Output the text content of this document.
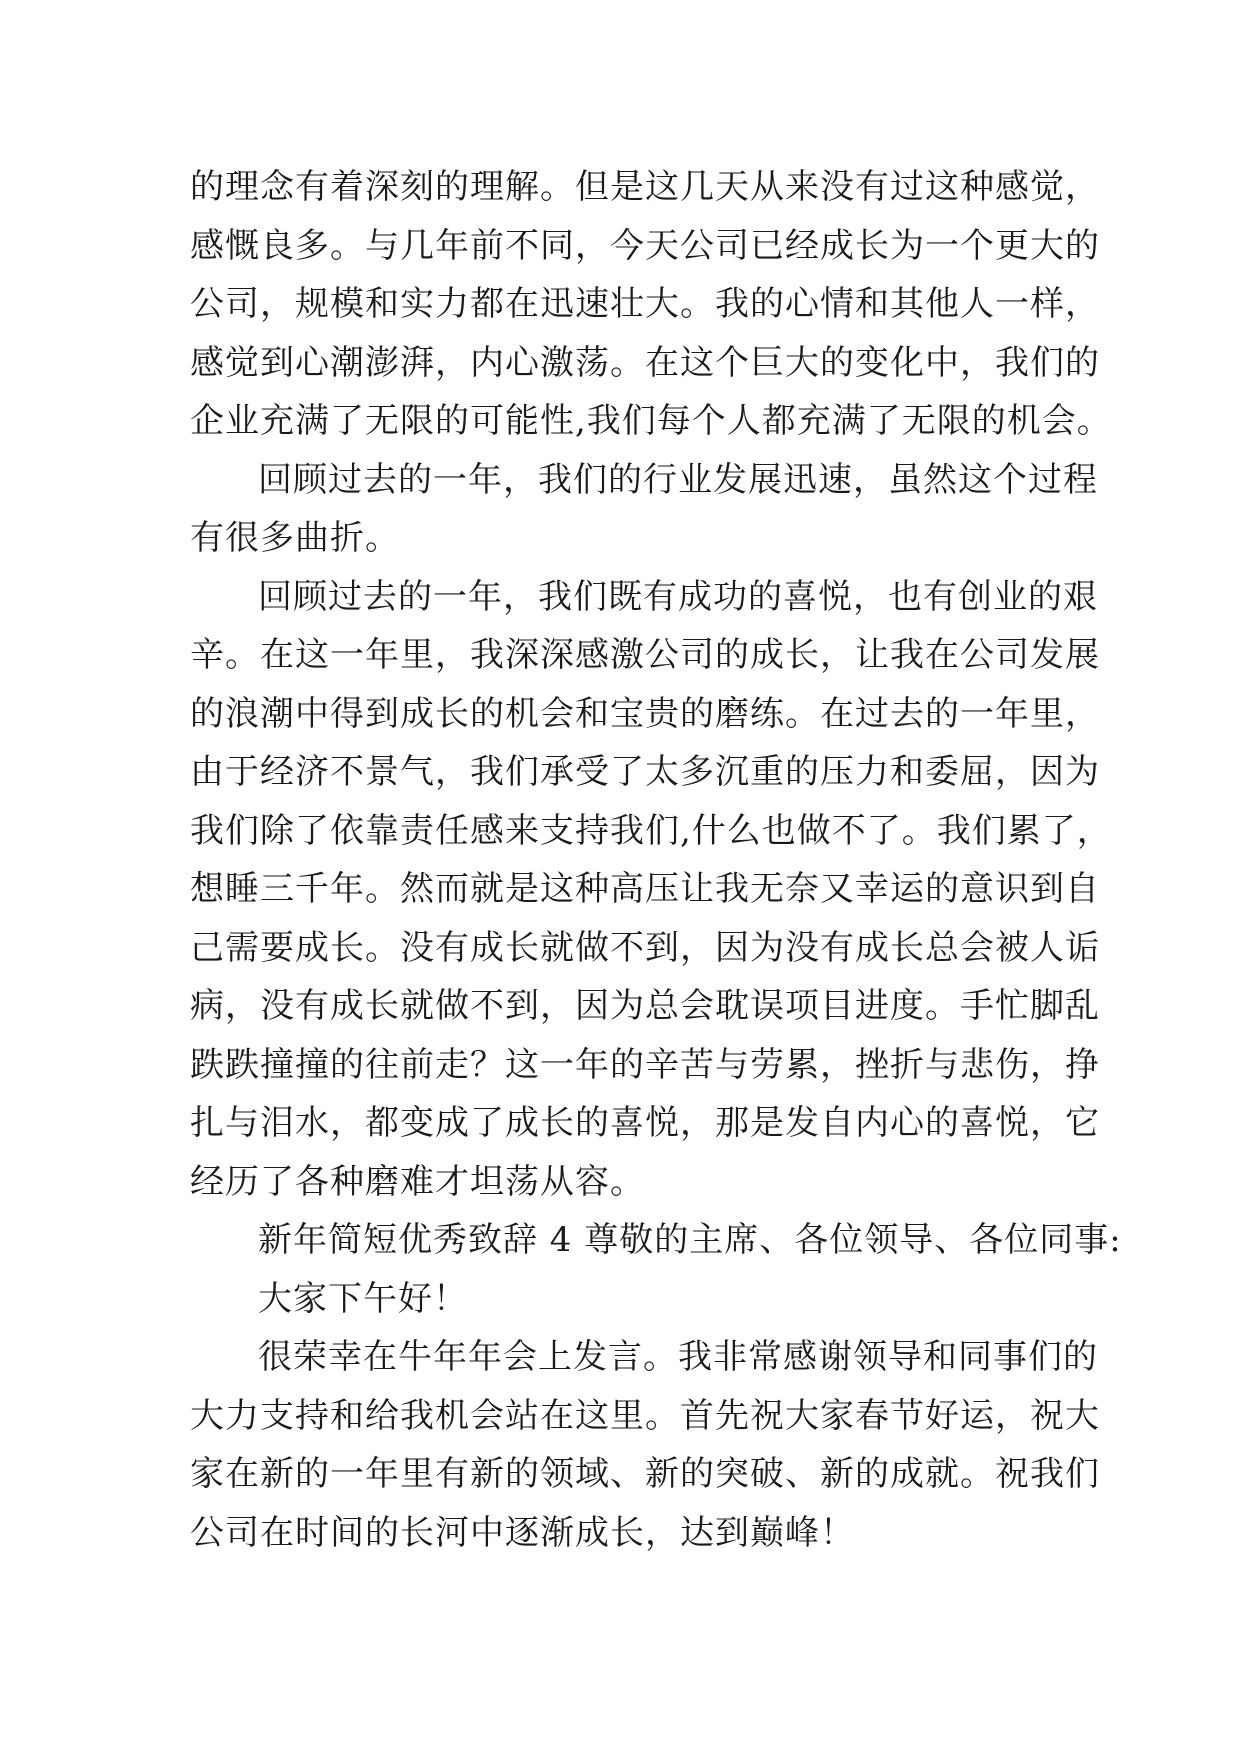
的理念有着深刻的理解。但是这几天从来没有过这种感觉，
感慨良多。与几年前不同，今天公司已经成长为一个更大的
公司，规模和实力都在迅速壮大。我的心情和其他人一样，
感觉到心潮澎湃，内心激荡。在这个巨大的变化中，我们的
企业充满了无限的可能性,我们每个人都充满了无限的机会。
回顾过去的一年，我们的行业发展迅速，虽然这个过程
有很多曲折。
回顾过去的一年，我们既有成功的喜悦，也有创业的艰
辛。在这一年里，我深深感激公司的成长，让我在公司发展
的浪潮中得到成长的机会和宝贵的磨练。在过去的一年里，
由于经济不景气，我们承受了太多沉重的压力和委屈，因为
我们除了依靠责任感来支持我们,什么也做不了。我们累了，
想睡三千年。然而就是这种高压让我无奈又幸运的意识到自
己需要成长。没有成长就做不到，因为没有成长总会被人诟
病，没有成长就做不到，因为总会耽误项目进度。手忙脚乱
跌跌撞撞的往前走？这一年的辛苦与劳累，挫折与悲伤，挣
扎与泪水，都变成了成长的喜悦，那是发自内心的喜悦，它
经历了各种磨难才坦荡从容。
新年简短优秀致辞 4 尊敬的主席、各位领导、各位同事:
大家下午好！
很荣幸在牛年年会上发言。我非常感谢领导和同事们的
大力支持和给我机会站在这里。首先祝大家春节好运，祝大
家在新的一年里有新的领域、新的突破、新的成就。祝我们
公司在时间的长河中逐渐成长，达到巅峰！
